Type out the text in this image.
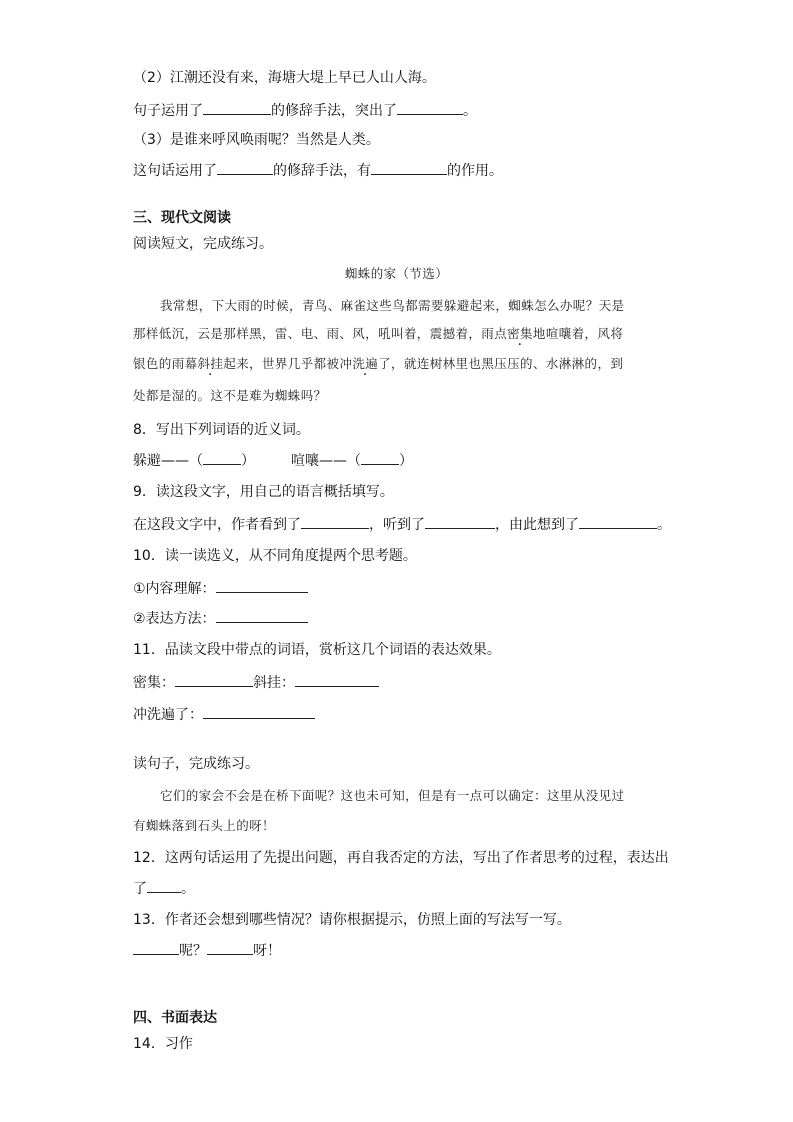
（2）江潮还没有来，海塘大堤上早已人山人海。
句子运用了	的修辞手法，突出了	。
（3）是谁来呼风唤雨呢？当然是人类。
这句话运用了	的修辞手法，有	的作用。
三、现代文阅读
阅读短文，完成练习。
蜘蛛的家（节选）
我常想，下大雨的时候，青鸟、麻雀这些鸟都需要躲避起来，蜘蛛怎么办呢？天是
那样低沉，云是那样黑，雷、电、雨、风，吼叫着，震撼着，雨点密集地喧嚷着，风将
银色的雨幕斜挂起来，世界几乎都被冲洗遍了，就连树林里也黑压压的、水淋淋的，到
处都是湿的。这不是难为蜘蛛吗？
8．写出下列词语的近义词。
躲避——（	）	喧嚷——（	）
9．读这段文字，用自己的语言概括填写。
在这段文字中，作者看到了	，听到了	，由此想到了	。
10．读一读选义，从不同角度提两个思考题。
①内容理解：
②表达方法：
11．品读文段中带点的词语，赏析这几个词语的表达效果。
密集：	斜挂：
冲洗遍了：
读句子，完成练习。
它们的家会不会是在桥下面呢？这也未可知，但是有一点可以确定：这里从没见过
有蜘蛛落到石头上的呀！
12．这两句话运用了先提出问题，再自我否定的方法，写出了作者思考的过程，表达出
了 。
13．作者还会想到哪些情况？请你根据提示，仿照上面的写法写一写。
呢？	呀！
四、书面表达
14．习作
